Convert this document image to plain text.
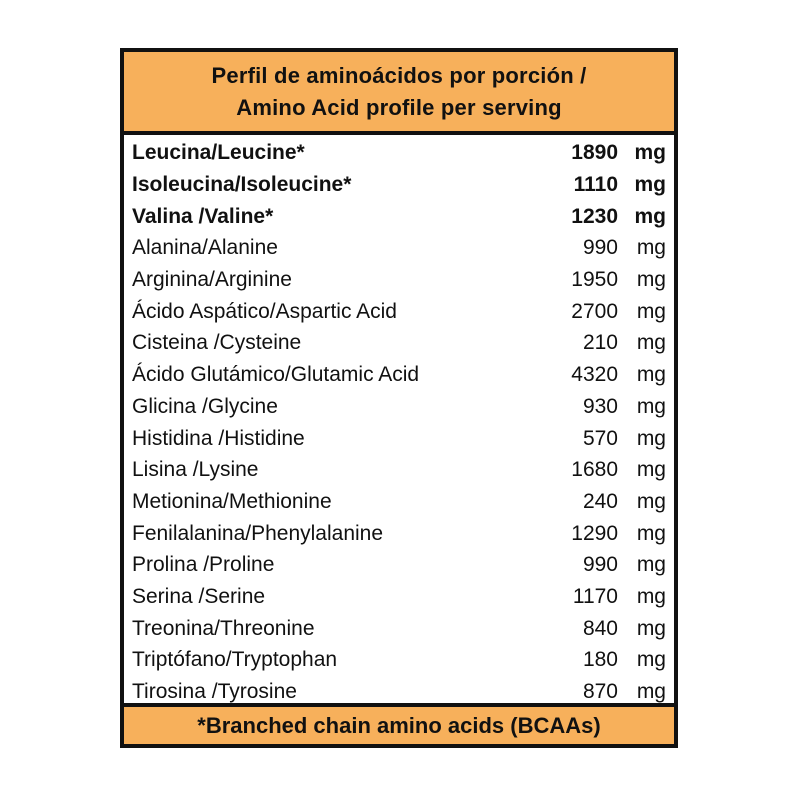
Perfil de aminoácidos por porción /
Amino Acid profile per serving
Leucina/Leucine*	1890 mg
Isoleucina/Isoleucine*	1110 mg
Valina /Valine*	1230 mg
Alanina/Alanine	990 mg
Arginina/Arginine	1950 mg
Ácido Aspático/Aspartic Acid	2700 mg
Cisteina /Cysteine	210 mg
Ácido Glutámico/Glutamic Acid	4320 mg
Glicina /Glycine	930 mg
Histidina /Histidine	570 mg
Lisina /Lysine	1680 mg
Metionina/Methionine	240 mg
Fenilalanina/Phenylalanine	1290 mg
Prolina /Proline	990 mg
Serina /Serine	1170 mg
Treonina/Threonine	840 mg
Triptófano/Tryptophan	180 mg
Tirosina /Tyrosine	870 mg
*Branched chain amino acids (BCAAs)
